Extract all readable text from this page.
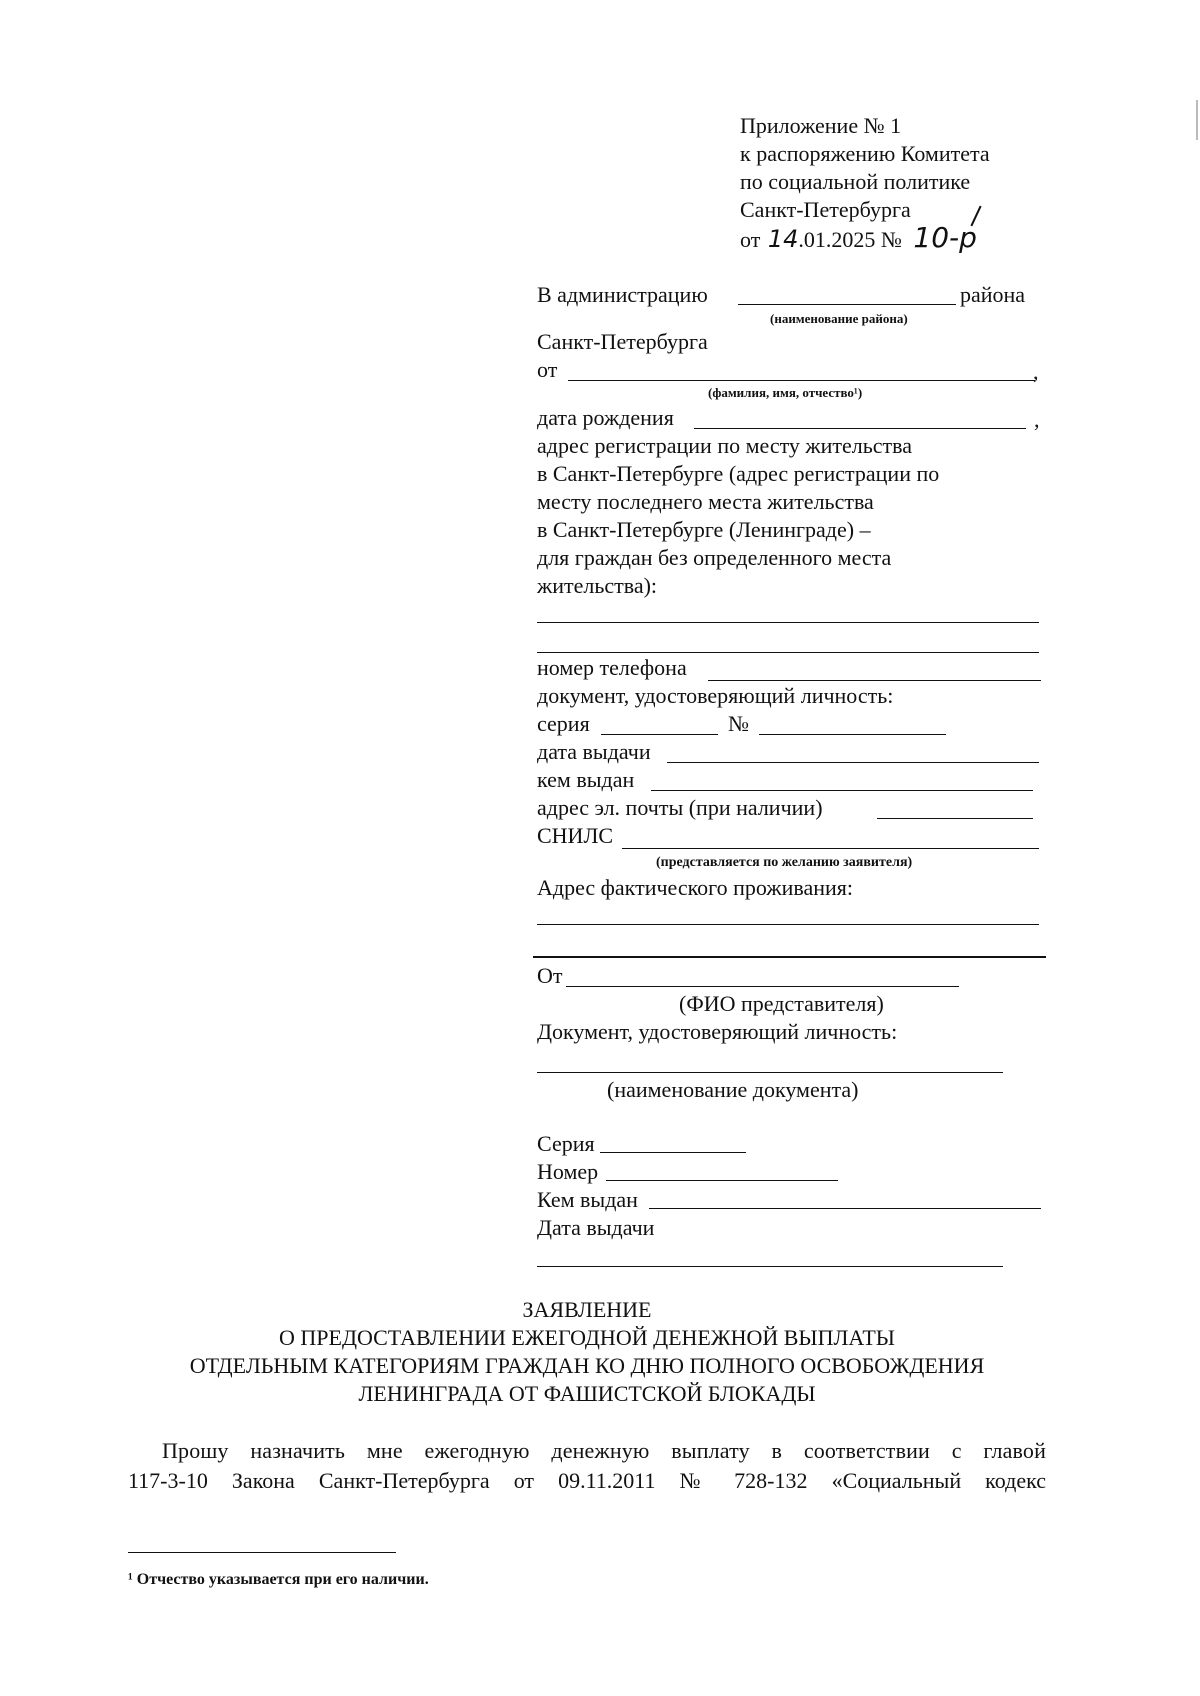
Приложение № 1
к распоряжению Комитета
по социальной политике
Санкт-Петербурга
от 14.01.2025 № 10-р
В администрацию	района
(наименование района)
Санкт-Петербурга
от	,
(фамилия, имя, отчество¹)
дата рождения	,
адрес регистрации по месту жительства
в Санкт-Петербурге (адрес регистрации по
месту последнего места жительства
в Санкт-Петербурге (Ленинграде) –
для граждан без определенного места
жительства):
номер телефона
документ, удостоверяющий личность:
серия	№
дата выдачи
кем выдан
адрес эл. почты (при наличии)
СНИЛС
(представляется по желанию заявителя)
Адрес фактического проживания:
От
(ФИО представителя)
Документ, удостоверяющий личность:
(наименование документа)
Серия
Номер
Кем выдан
Дата выдачи
ЗАЯВЛЕНИЕ
О ПРЕДОСТАВЛЕНИИ ЕЖЕГОДНОЙ ДЕНЕЖНОЙ ВЫПЛАТЫ
ОТДЕЛЬНЫМ КАТЕГОРИЯМ ГРАЖДАН КО ДНЮ ПОЛНОГО ОСВОБОЖДЕНИЯ
ЛЕНИНГРАДА ОТ ФАШИСТСКОЙ БЛОКАДЫ
Прошу назначить мне ежегодную денежную выплату в соответствии с главой
117-3-10 Закона Санкт-Петербурга от 09.11.2011 № 728-132 «Социальный кодекс
¹ Отчество указывается при его наличии.
